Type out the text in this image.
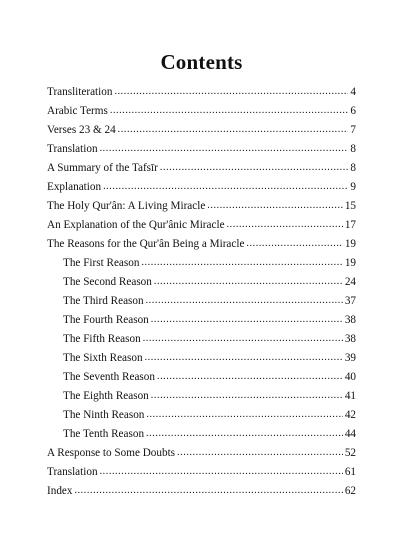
Contents
Transliteration .....	4
Arabic Terms .....	6
Verses 23 & 24 .....	7
Translation .....	8
A Summary of the Tafsīr .....	8
Explanation .....	9
The Holy Qur'ân: A Living Miracle .....	15
An Explanation of the Qur'ânic Miracle .....	17
The Reasons for the Qur'ân Being a Miracle .....	19
The First Reason .....	19
The Second Reason .....	24
The Third Reason .....	37
The Fourth Reason .....	38
The Fifth Reason .....	38
The Sixth Reason .....	39
The Seventh Reason .....	40
The Eighth Reason .....	41
The Ninth Reason .....	42
The Tenth Reason .....	44
A Response to Some Doubts .....	52
Translation .....	61
Index .....	62
